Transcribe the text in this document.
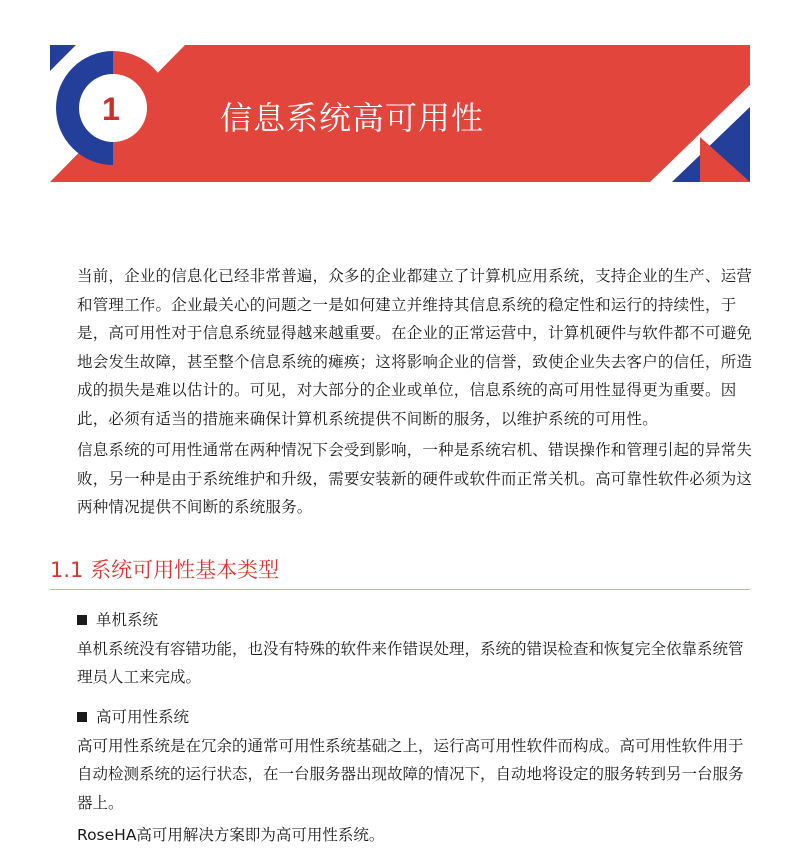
1	信息系统高可用性

当前，企业的信息化已经非常普遍，众多的企业都建立了计算机应用系统，支持企业的生产、运营和管理工作。企业最关心的问题之一是如何建立并维持其信息系统的稳定性和运行的持续性，于是，高可用性对于信息系统显得越来越重要。在企业的正常运营中，计算机硬件与软件都不可避免地会发生故障，甚至整个信息系统的瘫痪；这将影响企业的信誉，致使企业失去客户的信任，所造成的损失是难以估计的。可见，对大部分的企业或单位，信息系统的高可用性显得更为重要。因此，必须有适当的措施来确保计算机系统提供不间断的服务，以维护系统的可用性。

信息系统的可用性通常在两种情况下会受到影响，一种是系统宕机、错误操作和管理引起的异常失败，另一种是由于系统维护和升级，需要安装新的硬件或软件而正常关机。高可靠性软件必须为这两种情况提供不间断的系统服务。

1.1 系统可用性基本类型
单机系统
单机系统没有容错功能，也没有特殊的软件来作错误处理，系统的错误检查和恢复完全依靠系统管理员人工来完成。
高可用性系统
高可用性系统是在冗余的通常可用性系统基础之上，运行高可用性软件而构成。高可用性软件用于自动检测系统的运行状态，在一台服务器出现故障的情况下，自动地将设定的服务转到另一台服务器上。
RoseHA高可用解决方案即为高可用性系统。
